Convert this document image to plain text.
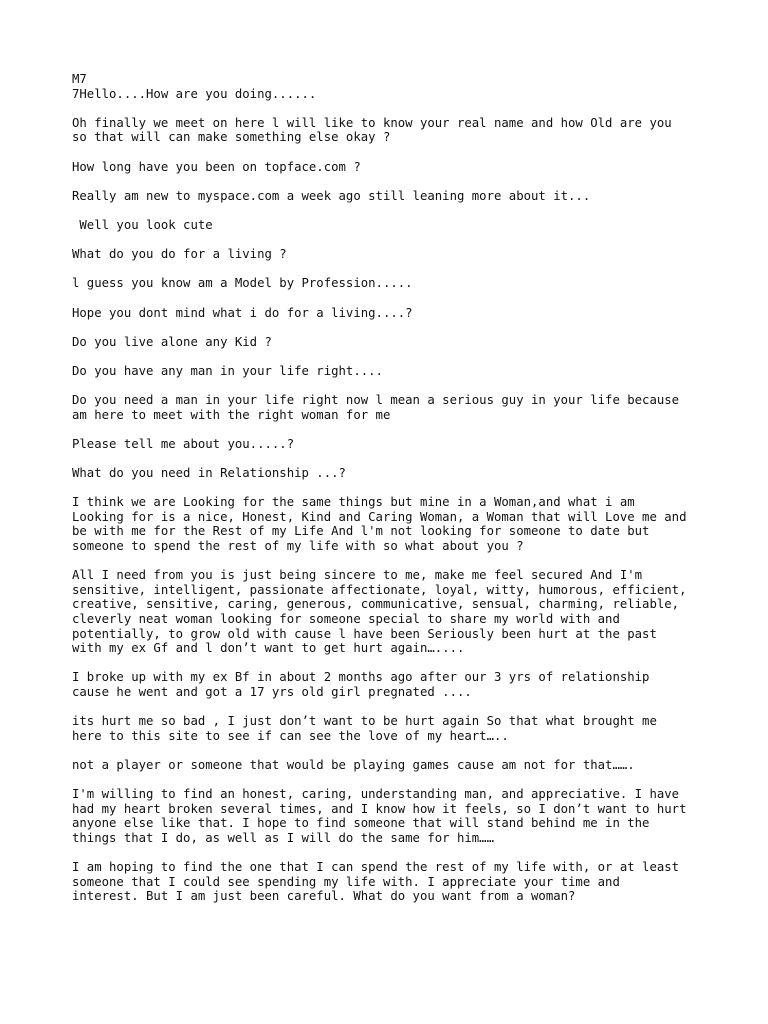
M7

7Hello....How are you doing......

Oh finally we meet on here l will like to know your real name and how Old are you
so that will can make something else okay ?

How long have you been on topface.com ?

Really am new to myspace.com a week ago still leaning more about it...

Well you look cute

What do you do for a living ?

l guess you know am a Model by Profession.....

Hope you dont mind what i do for a living....?

Do you live alone any Kid ?

Do you have any man in your life right....

Do you need a man in your life right now l mean a serious guy in your life because
am here to meet with the right woman for me

Please tell me about you.....?

What do you need in Relationship ...?

I think we are Looking for the same things but mine in a Woman,and what i am
Looking for is a nice, Honest, Kind and Caring Woman, a Woman that will Love me and
be with me for the Rest of my Life And l'm not looking for someone to date but
someone to spend the rest of my life with so what about you ?

All I need from you is just being sincere to me, make me feel secured And I'm
sensitive, intelligent, passionate affectionate, loyal, witty, humorous, efficient,
creative, sensitive, caring, generous, communicative, sensual, charming, reliable,
cleverly neat woman looking for someone special to share my world with and
potentially, to grow old with cause l have been Seriously been hurt at the past
with my ex Gf and l don’t want to get hurt again…....

I broke up with my ex Bf in about 2 months ago after our 3 yrs of relationship
cause he went and got a 17 yrs old girl pregnated ....

its hurt me so bad , I just don’t want to be hurt again So that what brought me
here to this site to see if can see the love of my heart…..

not a player or someone that would be playing games cause am not for that…….

I'm willing to find an honest, caring, understanding man, and appreciative. I have
had my heart broken several times, and I know how it feels, so I don’t want to hurt
anyone else like that. I hope to find someone that will stand behind me in the
things that I do, as well as I will do the same for him……

I am hoping to find the one that I can spend the rest of my life with, or at least
someone that I could see spending my life with. I appreciate your time and
interest. But I am just been careful. What do you want from a woman?
